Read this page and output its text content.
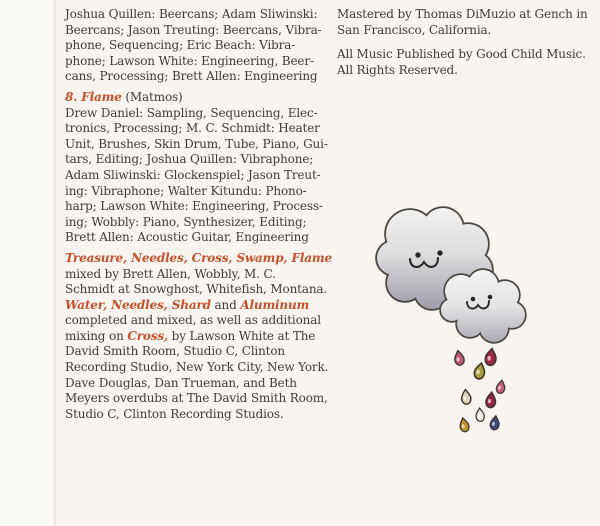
Joshua Quillen: Beercans; Adam Sliwinski:
Beercans; Jason Treuting: Beercans, Vibra-
phone, Sequencing; Eric Beach: Vibra-
phone; Lawson White: Engineering, Beer-
cans, Processing; Brett Allen: Engineering
8. Flame (Matmos)
Drew Daniel: Sampling, Sequencing, Elec-
tronics, Processing; M. C. Schmidt: Heater
Unit, Brushes, Skin Drum, Tube, Piano, Gui-
tars, Editing; Joshua Quillen: Vibraphone;
Adam Sliwinski: Glockenspiel; Jason Treut-
ing: Vibraphone; Walter Kitundu: Phono-
harp; Lawson White: Engineering, Process-
ing; Wobbly: Piano, Synthesizer, Editing;
Brett Allen: Acoustic Guitar, Engineering
Treasure, Needles, Cross, Swamp, Flame
mixed by Brett Allen, Wobbly, M. C.
Schmidt at Snowghost, Whitefish, Montana.
Water, Needles, Shard and Aluminum
completed and mixed, as well as additional
mixing on Cross, by Lawson White at The
David Smith Room, Studio C, Clinton
Recording Studio, New York City, New York.
Dave Douglas, Dan Trueman, and Beth
Meyers overdubs at The David Smith Room,
Studio C, Clinton Recording Studios.
Mastered by Thomas DiMuzio at Gench in
San Francisco, California.
All Music Published by Good Child Music.
All Rights Reserved.
